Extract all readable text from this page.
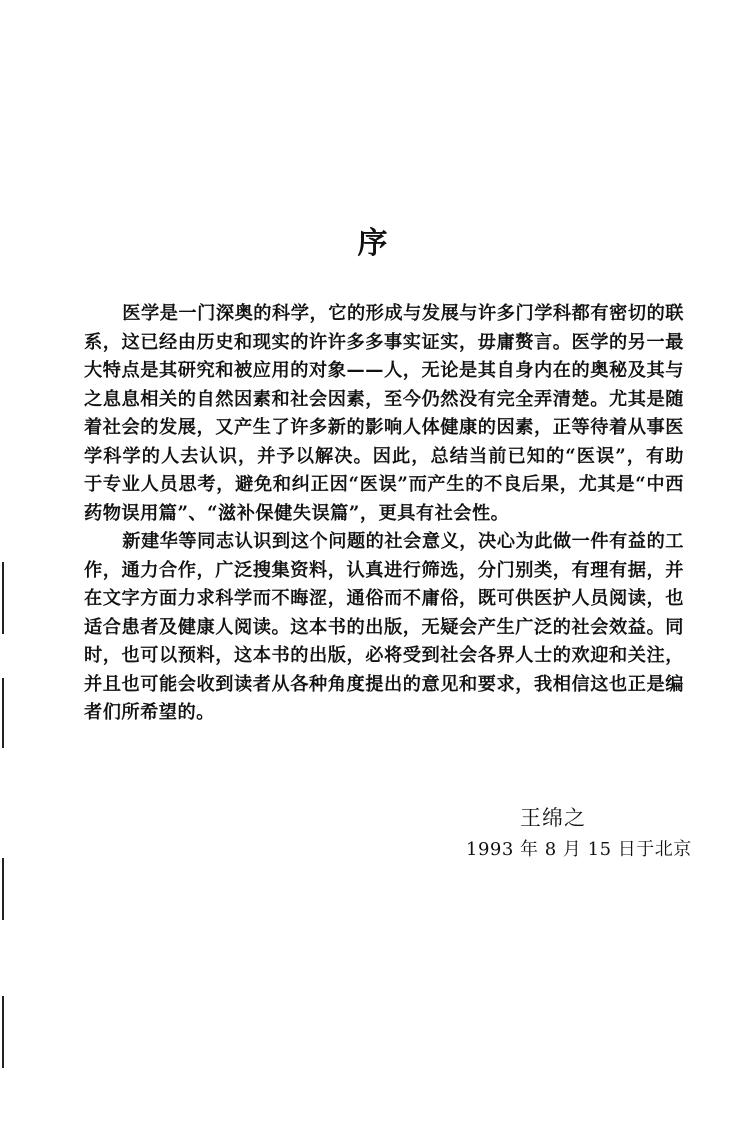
序

医学是一门深奥的科学，它的形成与发展与许多门学科都有密切的联系，这已经由历史和现实的许许多多事实证实，毋庸赘言。医学的另一最大特点是其研究和被应用的对象——人，无论是其自身内在的奥秘及其与之息息相关的自然因素和社会因素，至今仍然没有完全弄清楚。尤其是随着社会的发展，又产生了许多新的影响人体健康的因素，正等待着从事医学科学的人去认识，并予以解决。因此，总结当前已知的“医误”，有助于专业人员思考，避免和纠正因“医误”而产生的不良后果，尤其是“中西药物误用篇”、“滋补保健失误篇”，更具有社会性。

新建华等同志认识到这个问题的社会意义，决心为此做一件有益的工作，通力合作，广泛搜集资料，认真进行筛选，分门别类，有理有据，并在文字方面力求科学而不晦涩，通俗而不庸俗，既可供医护人员阅读，也适合患者及健康人阅读。这本书的出版，无疑会产生广泛的社会效益。同时，也可以预料，这本书的出版，必将受到社会各界人士的欢迎和关注，并且也可能会收到读者从各种角度提出的意见和要求，我相信这也正是编者们所希望的。

王绵之
1993 年 8 月 15 日于北京
